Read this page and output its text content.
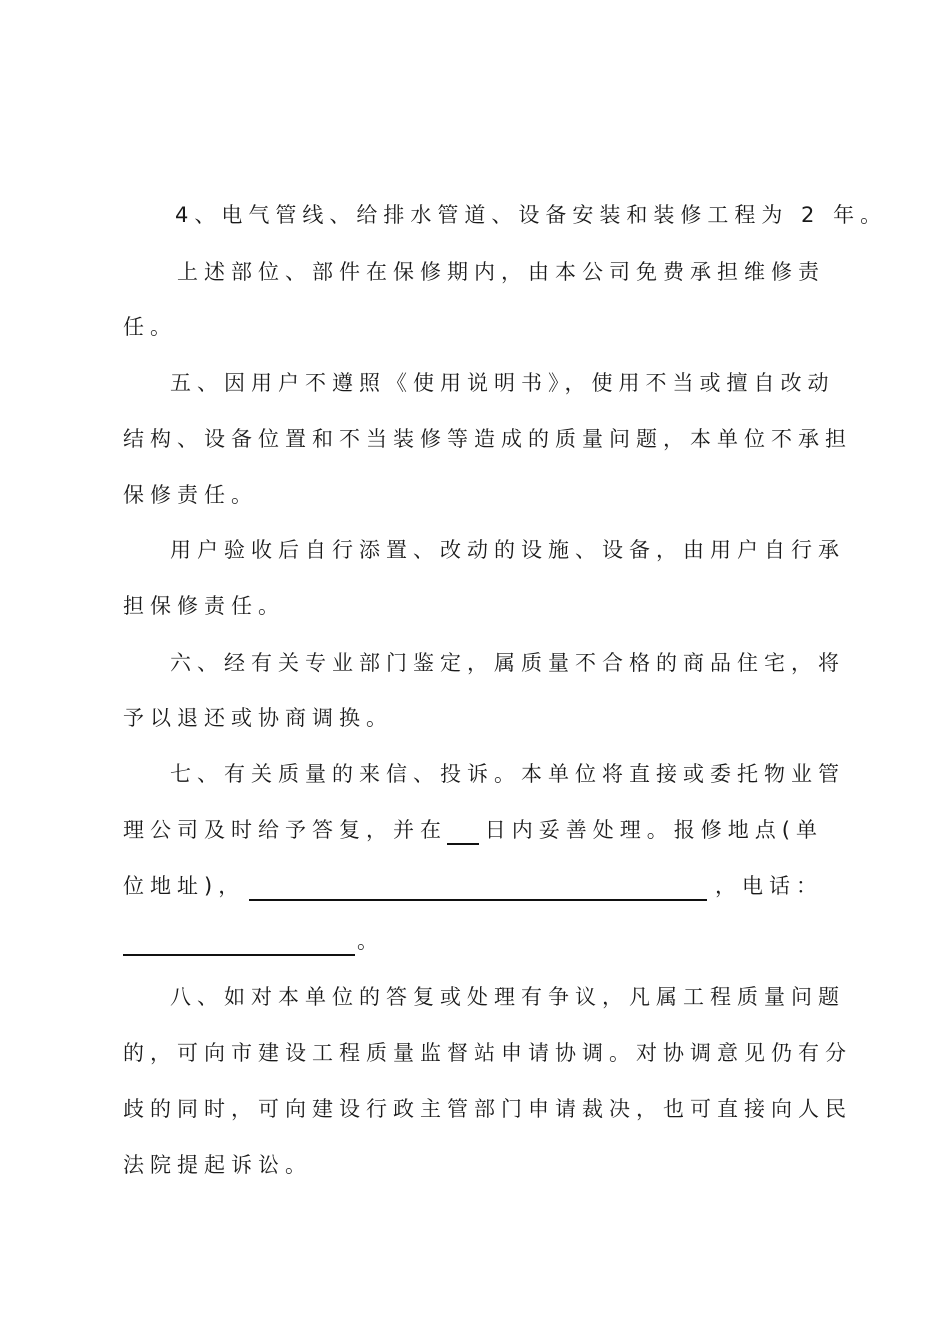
4、电气管线、给排水管道、设备安装和装修工程为 2 年。
上述部位、部件在保修期内，由本公司免费承担维修责
任。
五、因用户不遵照《使用说明书》，使用不当或擅自改动
结构、设备位置和不当装修等造成的质量问题，本单位不承担
保修责任。
用户验收后自行添置、改动的设施、设备，由用户自行承
担保修责任。
六、经有关专业部门鉴定，属质量不合格的商品住宅，将
予以退还或协商调换。
七、有关质量的来信、投诉。本单位将直接或委托物业管
理公司及时给予答复，并在 日内妥善处理。报修地点(单
位地址)，	，电话：
。
八、如对本单位的答复或处理有争议，凡属工程质量问题
的，可向市建设工程质量监督站申请协调。对协调意见仍有分
歧的同时，可向建设行政主管部门申请裁决，也可直接向人民
法院提起诉讼。
